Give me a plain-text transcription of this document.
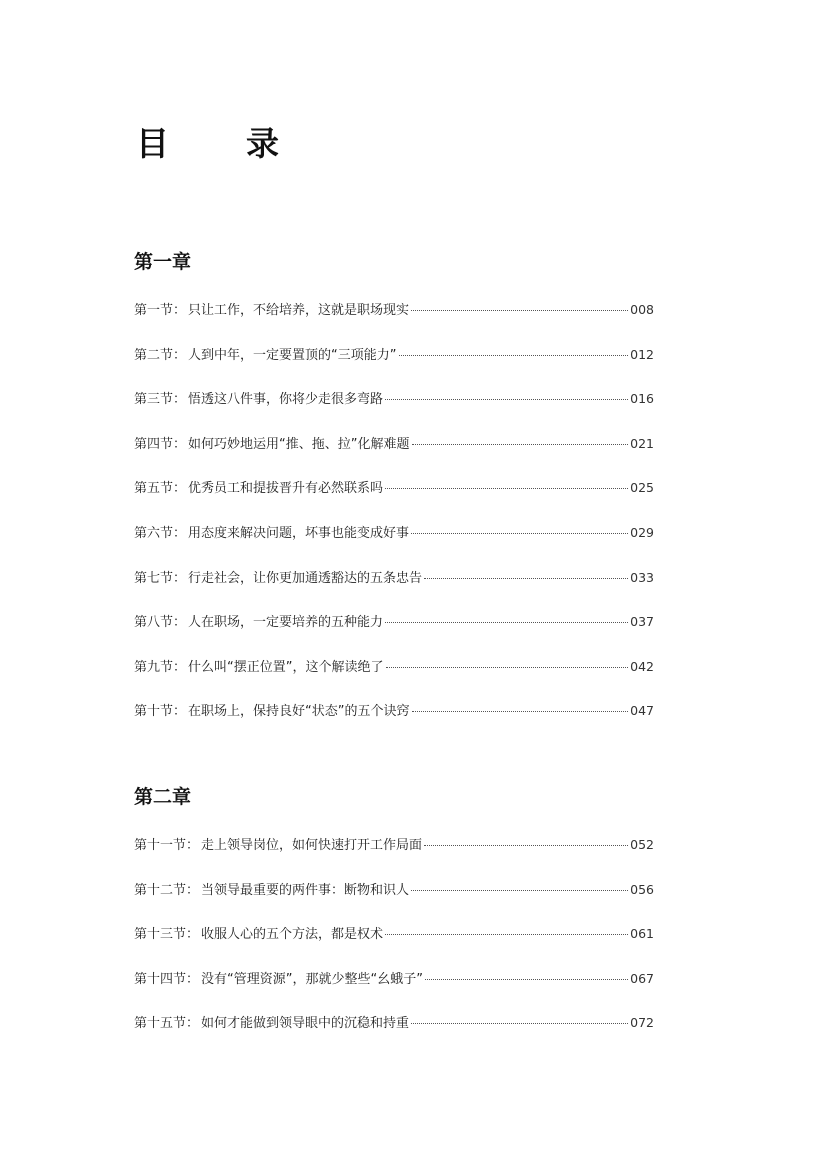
目　录
第一章
第一节： 只让工作，不给培养，这就是职场现实	008
第二节： 人到中年，一定要置顶的“三项能力”	012
第三节： 悟透这八件事，你将少走很多弯路	016
第四节： 如何巧妙地运用“推、拖、拉”化解难题	021
第五节： 优秀员工和提拔晋升有必然联系吗	025
第六节： 用态度来解决问题，坏事也能变成好事	029
第七节： 行走社会，让你更加通透豁达的五条忠告	033
第八节： 人在职场，一定要培养的五种能力	037
第九节： 什么叫“摆正位置”，这个解读绝了	042
第十节： 在职场上，保持良好“状态”的五个诀窍	047
第二章
第十一节： 走上领导岗位，如何快速打开工作局面	052
第十二节： 当领导最重要的两件事：断物和识人	056
第十三节： 收服人心的五个方法，都是权术	061
第十四节： 没有“管理资源”，那就少整些“幺蛾子”	067
第十五节： 如何才能做到领导眼中的沉稳和持重	072
